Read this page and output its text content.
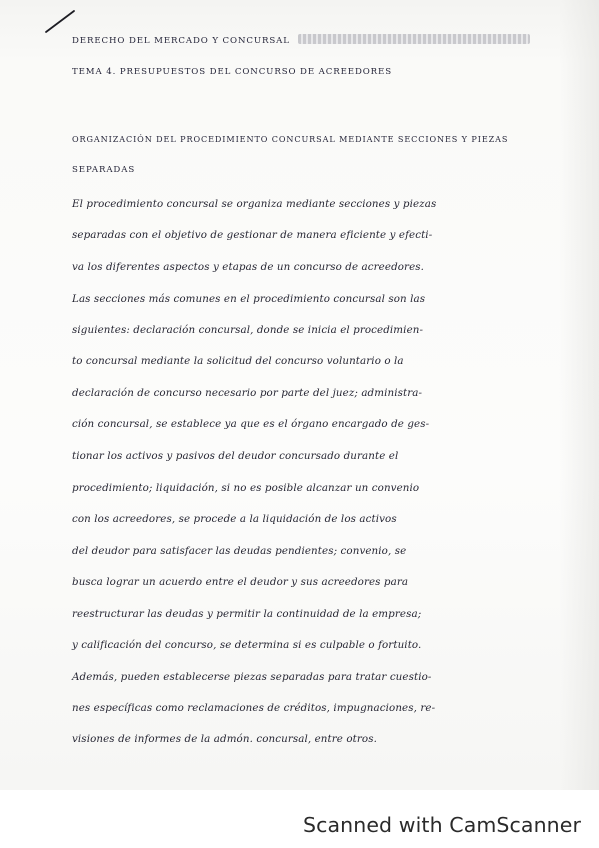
DERECHO DEL MERCADO Y CONCURSAL
TEMA 4. PRESUPUESTOS DEL CONCURSO DE ACREEDORES
ORGANIZACIÓN DEL PROCEDIMIENTO CONCURSAL MEDIANTE SECCIONES Y PIEZAS
SEPARADAS
El procedimiento concursal se organiza mediante secciones y piezas
separadas con el objetivo de gestionar de manera eficiente y efecti-
va los diferentes aspectos y etapas de un concurso de acreedores.
Las secciones más comunes en el procedimiento concursal son las
siguientes: declaración concursal, donde se inicia el procedimien-
to concursal mediante la solicitud del concurso voluntario o la
declaración de concurso necesario por parte del juez; administra-
ción concursal, se establece ya que es el órgano encargado de ges-
tionar los activos y pasivos del deudor concursado durante el
procedimiento; liquidación, si no es posible alcanzar un convenio
con los acreedores, se procede a la liquidación de los activos
del deudor para satisfacer las deudas pendientes; convenio, se
busca lograr un acuerdo entre el deudor y sus acreedores para
reestructurar las deudas y permitir la continuidad de la empresa;
y calificación del concurso, se determina si es culpable o fortuito.
Además, pueden establecerse piezas separadas para tratar cuestio-
nes específicas como reclamaciones de créditos, impugnaciones, re-
visiones de informes de la admón. concursal, entre otros.
Scanned with CamScanner
